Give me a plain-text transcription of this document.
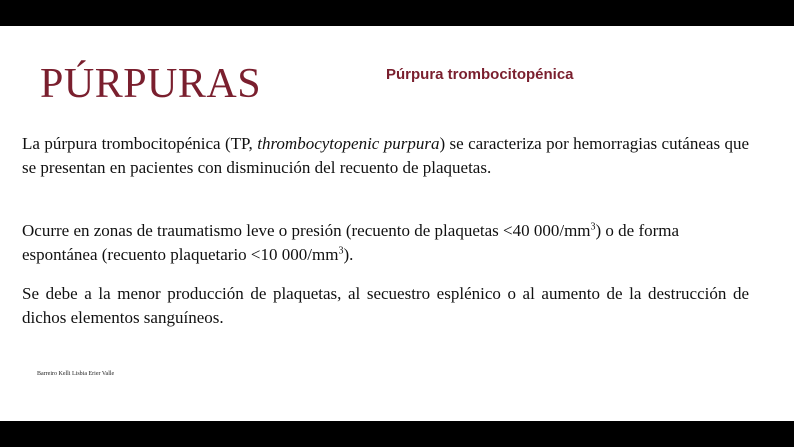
PÚRPURAS	Púrpura trombocitopénica

La púrpura trombocitopénica (TP, thrombocytopenic purpura) se caracteriza por hemorragias cutáneas que se presentan en pacientes con disminución del recuento de plaquetas.

Ocurre en zonas de traumatismo leve o presión (recuento de plaquetas <40 $000/mm^3$) o de forma espontánea (recuento plaquetario <10 $000/mm^3$).

Se debe a la menor producción de plaquetas, al secuestro esplénico o al aumento de la destrucción de dichos elementos sanguíneos.

Barreiro Kelli Lisbia Erier Valle
